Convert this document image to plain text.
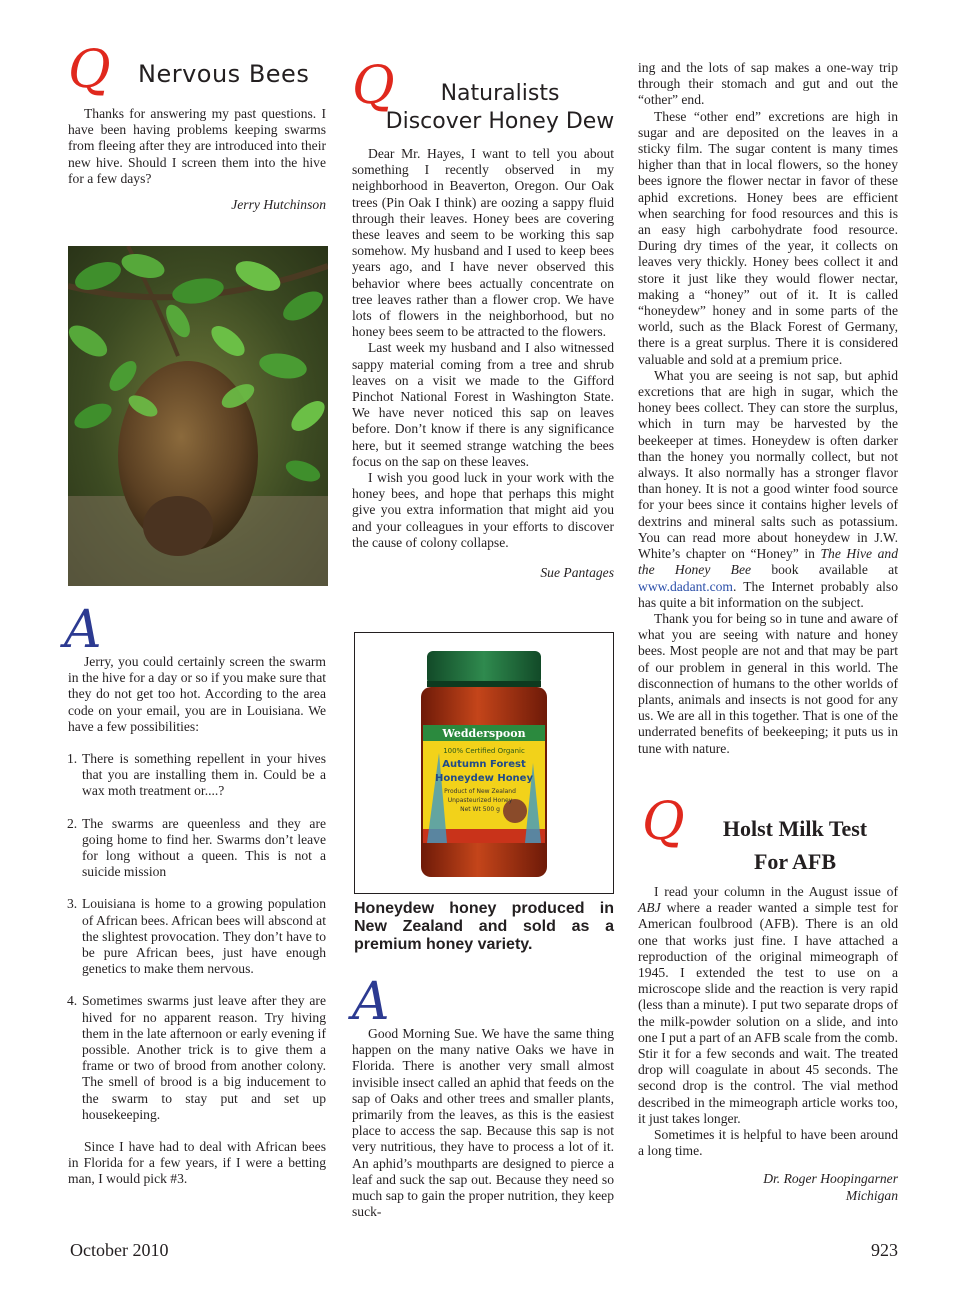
Q Nervous Bees

Thanks for answering my past questions. I have been having problems keeping swarms from fleeing after they are introduced into their new hive. Should I screen them into the hive for a few days?

Jerry Hutchinson

A

Jerry, you could certainly screen the swarm in the hive for a day or so if you make sure that they do not get too hot. According to the area code on your email, you are in Louisiana. We have a few possibilities:

1. There is something repellent in your hives that you are installing them in. Could be a wax moth treatment or....?
2. The swarms are queenless and they are going home to find her. Swarms don’t leave for long without a queen. This is not a suicide mission
3. Louisiana is home to a growing population of African bees. African bees will abscond at the slightest provocation. They don’t have to be pure African bees, just have enough genetics to make them nervous.
4. Sometimes swarms just leave after they are hived for no apparent reason. Try hiving them in the late afternoon or early evening if possible. Another trick is to give them a frame or two of brood from another colony. The smell of brood is a big inducement to the swarm to stay put and set up housekeeping.

Since I have had to deal with African bees in Florida for a few years, if I were a betting man, I would pick #3.

Q	Naturalists
Discover Honey Dew

Dear Mr. Hayes, I want to tell you about something I recently observed in my neighborhood in Beaverton, Oregon. Our Oak trees (Pin Oak I think) are oozing a sappy fluid through their leaves. Honey bees are covering these leaves and seem to be working this sap somehow. My husband and I used to keep bees years ago, and I have never observed this behavior where bees actually concentrate on tree leaves rather than a flower crop. We have lots of flowers in the neighborhood, but no honey bees seem to be attracted to the flowers.

Last week my husband and I also witnessed sappy material coming from a tree and shrub leaves on a visit we made to the Gifford Pinchot National Forest in Washington State. We have never noticed this sap on leaves before. Don’t know if there is any significance here, but it seemed strange watching the bees focus on the sap on these leaves.

I wish you good luck in your work with the honey bees, and hope that perhaps this might give you extra information that might aid you and your colleagues in your efforts to discover the cause of colony collapse.

Sue Pantages

Wedderspoon
100% Certified Organic
Autumn Forest
Honeydew Honey
Product of New Zealand
Unpasteurized Honey
Net Wt 500 g
Honeydew honey produced in New Zealand and sold as a premium honey variety.
A

Good Morning Sue. We have the same thing happen on the many native Oaks we have in Florida. There is another very small almost invisible insect called an aphid that feeds on the sap of Oaks and other trees and smaller plants, primarily from the leaves, as this is the easiest place to access the sap. Because this sap is not very nutritious, they have to process a lot of it. An aphid’s mouthparts are designed to pierce a leaf and suck the sap out. Because they need so much sap to gain the proper nutrition, they keep suck-

ing and the lots of sap makes a one-way trip through their stomach and gut and out the “other” end.

These “other end” excretions are high in sugar and are deposited on the leaves in a sticky film. The sugar content is many times higher than that in local flowers, so the honey bees ignore the flower nectar in favor of these aphid excretions. Honey bees are efficient when searching for food resources and this is an easy high carbohydrate food resource. During dry times of the year, it collects on leaves very thickly. Honey bees collect it and store it just like they would flower nectar, making a “honey” out of it. It is called “honeydew” honey and in some parts of the world, such as the Black Forest of Germany, there is a great surplus. There it is considered valuable and sold at a premium price.

What you are seeing is not sap, but aphid excretions that are high in sugar, which the honey bees collect. They can store the surplus, which in turn may be harvested by the beekeeper at times. Honeydew is often darker than the honey you normally collect, but not always. It also normally has a stronger flavor than honey. It is not a good winter food source for your bees since it contains higher levels of dextrins and mineral salts such as potassium. You can read more about honeydew in J.W. White’s chapter on “Honey” in The Hive and the Honey Bee book available at www.dadant.com. The Internet probably also has quite a bit information on the subject.

Thank you for being so in tune and aware of what you are seeing with nature and honey bees. Most people are not and that may be part of our problem in general in this world. The disconnection of humans to the other worlds of plants, animals and insects is not good for any us. We are all in this together. That is one of the underrated benefits of beekeeping; it puts us in tune with nature.

Q	Holst Milk Test
For AFB

I read your column in the August issue of ABJ where a reader wanted a simple test for American foulbrood (AFB). There is an old one that works just fine. I have attached a reproduction of the original mimeograph of 1945. I extended the test to use on a microscope slide and the reaction is very rapid (less than a minute). I put two separate drops of the milk-powder solution on a slide, and into one I put a part of an AFB scale from the comb. Stir it for a few seconds and wait. The treated drop will coagulate in about 45 seconds. The second drop is the control. The vial method described in the mimeograph article works too, it just takes longer.

Sometimes it is helpful to have been around a long time.

Dr. Roger Hoopingarner

Michigan

October 2010	923
